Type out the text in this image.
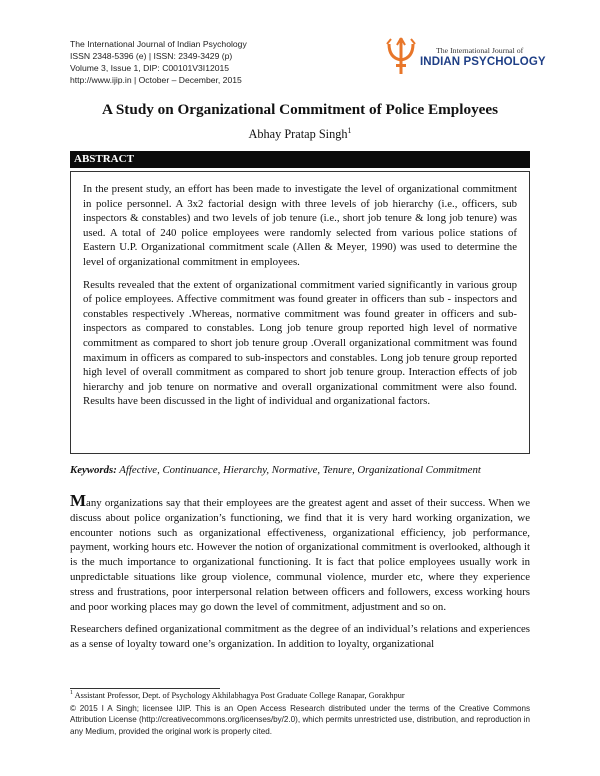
The International Journal of Indian Psychology
ISSN 2348-5396 (e) | ISSN: 2349-3429 (p)
Volume 3, Issue 1, DIP: C00101V3I12015
http://www.ijip.in | October – December, 2015
The International Journal of
INDIAN PSYCHOLOGY
A Study on Organizational Commitment of Police Employees
Abhay Pratap Singh$^1$
ABSTRACT

In the present study, an effort has been made to investigate the level of organizational commitment in police personnel. A 3x2 factorial design with three levels of job hierarchy (i.e., officers, sub inspectors & constables) and two levels of job tenure (i.e., short job tenure & long job tenure) was used. A total of 240 police employees were randomly selected from various police stations of Eastern U.P. Organizational commitment scale (Allen & Meyer, 1990) was used to determine the level of organizational commitment in employees.

Results revealed that the extent of organizational commitment varied significantly in various group of police employees. Affective commitment was found greater in officers than sub - inspectors and constables respectively .Whereas, normative commitment was found greater in officers and sub-inspectors as compared to constables. Long job tenure group reported high level of normative commitment as compared to short job tenure group .Overall organizational commitment was found maximum in officers as compared to sub-inspectors and constables. Long job tenure group reported high level of overall commitment as compared to short job tenure group. Interaction effects of job hierarchy and job tenure on normative and overall organizational commitment were also found. Results have been discussed in the light of individual and organizational factors.

Keywords: Affective, Continuance, Hierarchy, Normative, Tenure, Organizational Commitment

Many organizations say that their employees are the greatest agent and asset of their success. When we discuss about police organization’s functioning, we find that it is very hard working organization, we encounter notions such as organizational effectiveness, organizational efficiency, job performance, payment, working hours etc. However the notion of organizational commitment is overlooked, although it is the much importance to organizational functioning. It is fact that police employees usually work in unpredictable situations like group violence, communal violence, murder etc, where they experience stress and frustrations, poor interpersonal relation between officers and followers, excess working hours and poor working places may go down the level of commitment, adjustment and so on.

Researchers defined organizational commitment as the degree of an individual’s relations and experiences as a sense of loyalty toward one’s organization. In addition to loyalty, organizational

$^1$ Assistant Professor, Dept. of Psychology Akhilabhagya Post Graduate College Ranapar, Gorakhpur
© 2015 I A Singh; licensee IJIP. This is an Open Access Research distributed under the terms of the Creative Commons Attribution License (http://creativecommons.org/licenses/by/2.0), which permits unrestricted use, distribution, and reproduction in any Medium, provided the original work is properly cited.
